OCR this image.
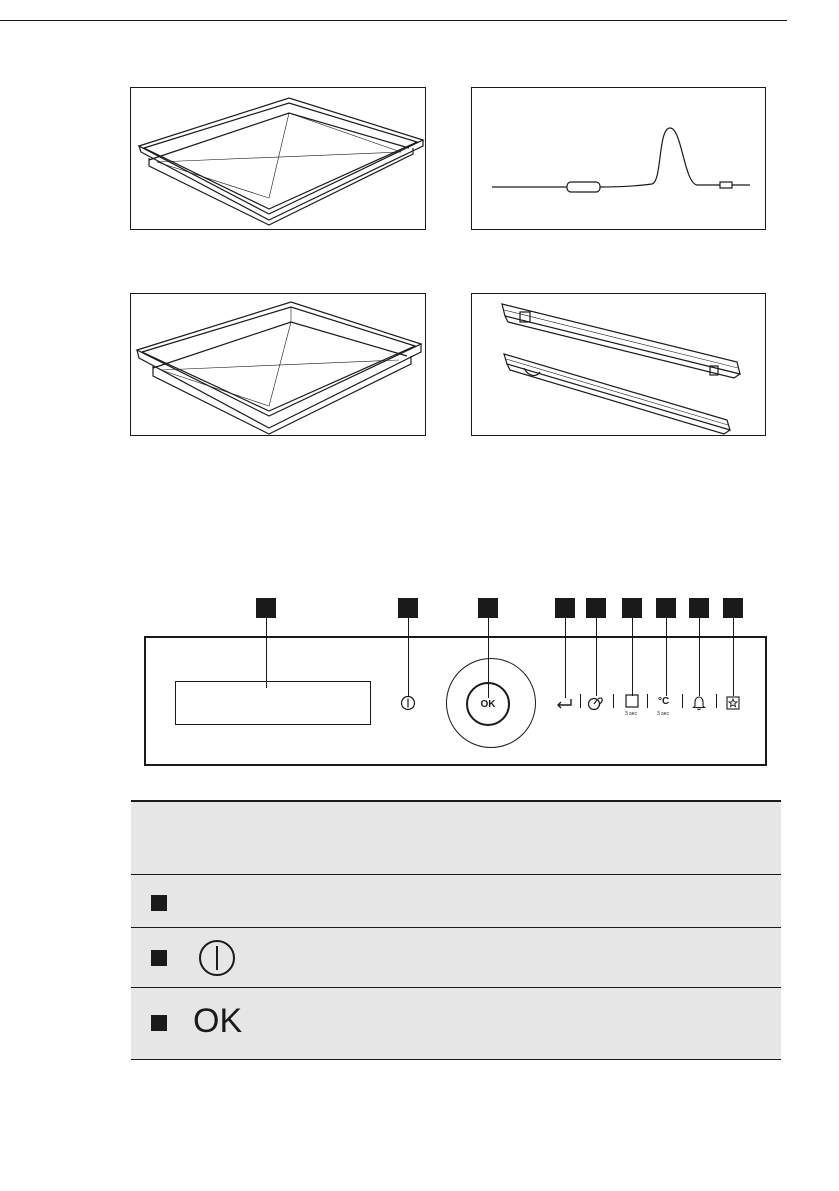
OK
3 sec
°C
3 sec
OK
